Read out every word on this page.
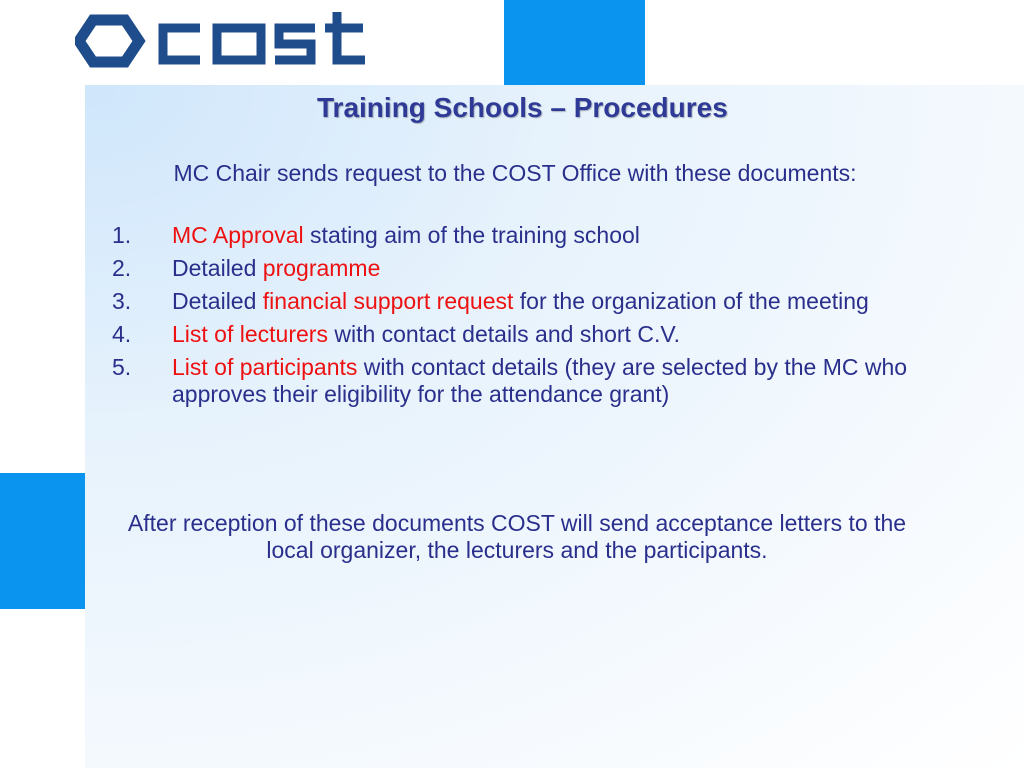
Training Schools – Procedures
MC Chair sends request to the COST Office with these documents:
1. MC Approval stating aim of the training school
2. Detailed programme
3. Detailed financial support request for the organization of the meeting
4. List of lecturers with contact details and short C.V.
5. List of participants with contact details (they are selected by the MC who approves their eligibility for the attendance grant)
After reception of these documents COST will send acceptance letters to the local organizer, the lecturers and the participants.
